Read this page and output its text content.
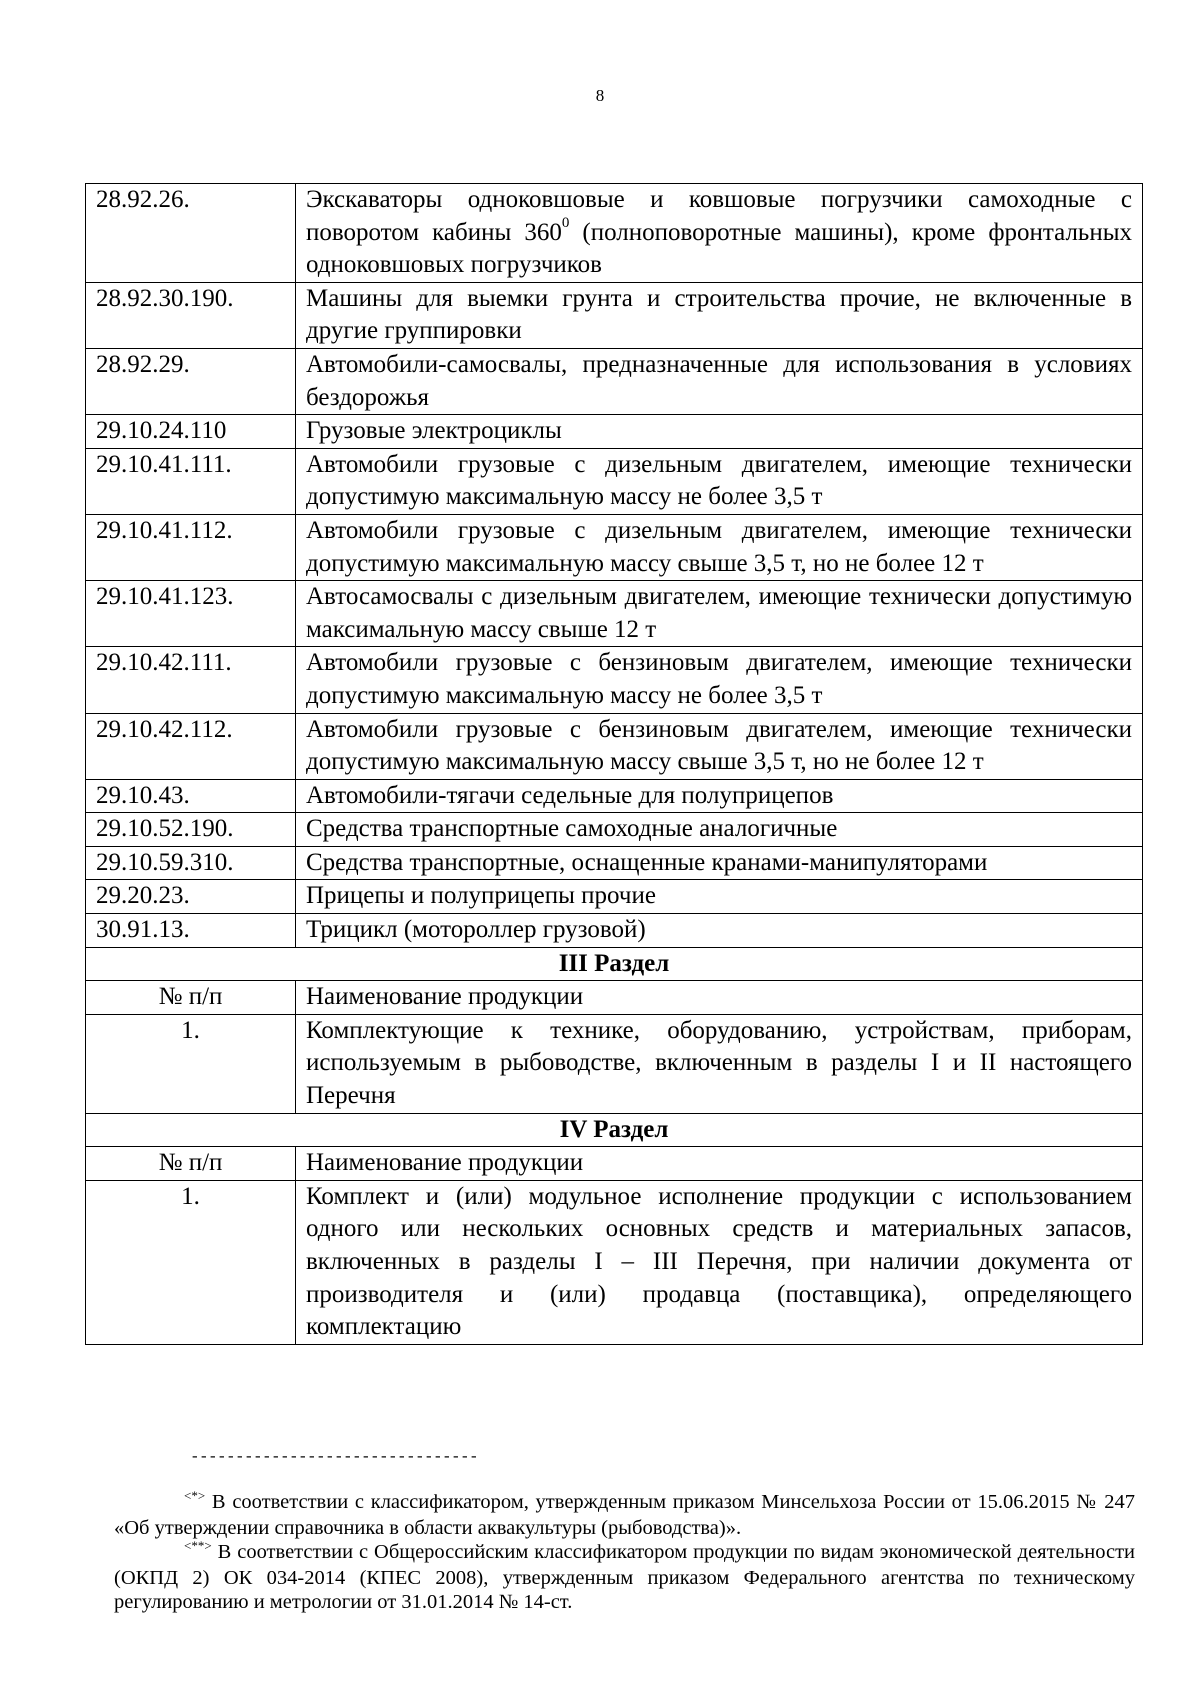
8
28.92.26.	Экскаваторы одноковшовые и ковшовые погрузчики самоходные с поворотом кабины $360^0$ (полноповоротные машины), кроме фронтальных одноковшовых погрузчиков
28.92.30.190.	Машины для выемки грунта и строительства прочие, не включенные в другие группировки
28.92.29.	Автомобили-самосвалы, предназначенные для использования в условиях бездорожья
29.10.24.110	Грузовые электроциклы
29.10.41.111.	Автомобили грузовые с дизельным двигателем, имеющие технически допустимую максимальную массу не более 3,5 т
29.10.41.112.	Автомобили грузовые с дизельным двигателем, имеющие технически допустимую максимальную массу свыше 3,5 т, но не более 12 т
29.10.41.123.	Автосамосвалы с дизельным двигателем, имеющие технически допустимую максимальную массу свыше 12 т
29.10.42.111.	Автомобили грузовые с бензиновым двигателем, имеющие технически допустимую максимальную массу не более 3,5 т
29.10.42.112.	Автомобили грузовые с бензиновым двигателем, имеющие технически допустимую максимальную массу свыше 3,5 т, но не более 12 т
29.10.43.	Автомобили-тягачи седельные для полуприцепов
29.10.52.190.	Средства транспортные самоходные аналогичные
29.10.59.310.	Средства транспортные, оснащенные кранами-манипуляторами
29.20.23.	Прицепы и полуприцепы прочие
30.91.13.	Трицикл (мотороллер грузовой)
III Раздел	
№ п/п	Наименование продукции
1.	Комплектующие к технике, оборудованию, устройствам, приборам, используемым в рыбоводстве, включенным в разделы I и II настоящего Перечня
IV Раздел	
№ п/п	Наименование продукции
1.	Комплект и (или) модульное исполнение продукции с использованием одного или нескольких основных средств и материальных запасов, включенных в разделы I – III Перечня, при наличии документа от производителя и (или) продавца (поставщика), определяющего комплектацию
--------------------------------

<*> В соответствии с классификатором, утвержденным приказом Минсельхоза России от 15.06.2015 № 247 «Об утверждении справочника в области аквакультуры (рыбоводства)».

<**> В соответствии с Общероссийским классификатором продукции по видам экономической деятельности (ОКПД 2) ОК 034-2014 (КПЕС 2008), утвержденным приказом Федерального агентства по техническому регулированию и метрологии от 31.01.2014 № 14-ст.
